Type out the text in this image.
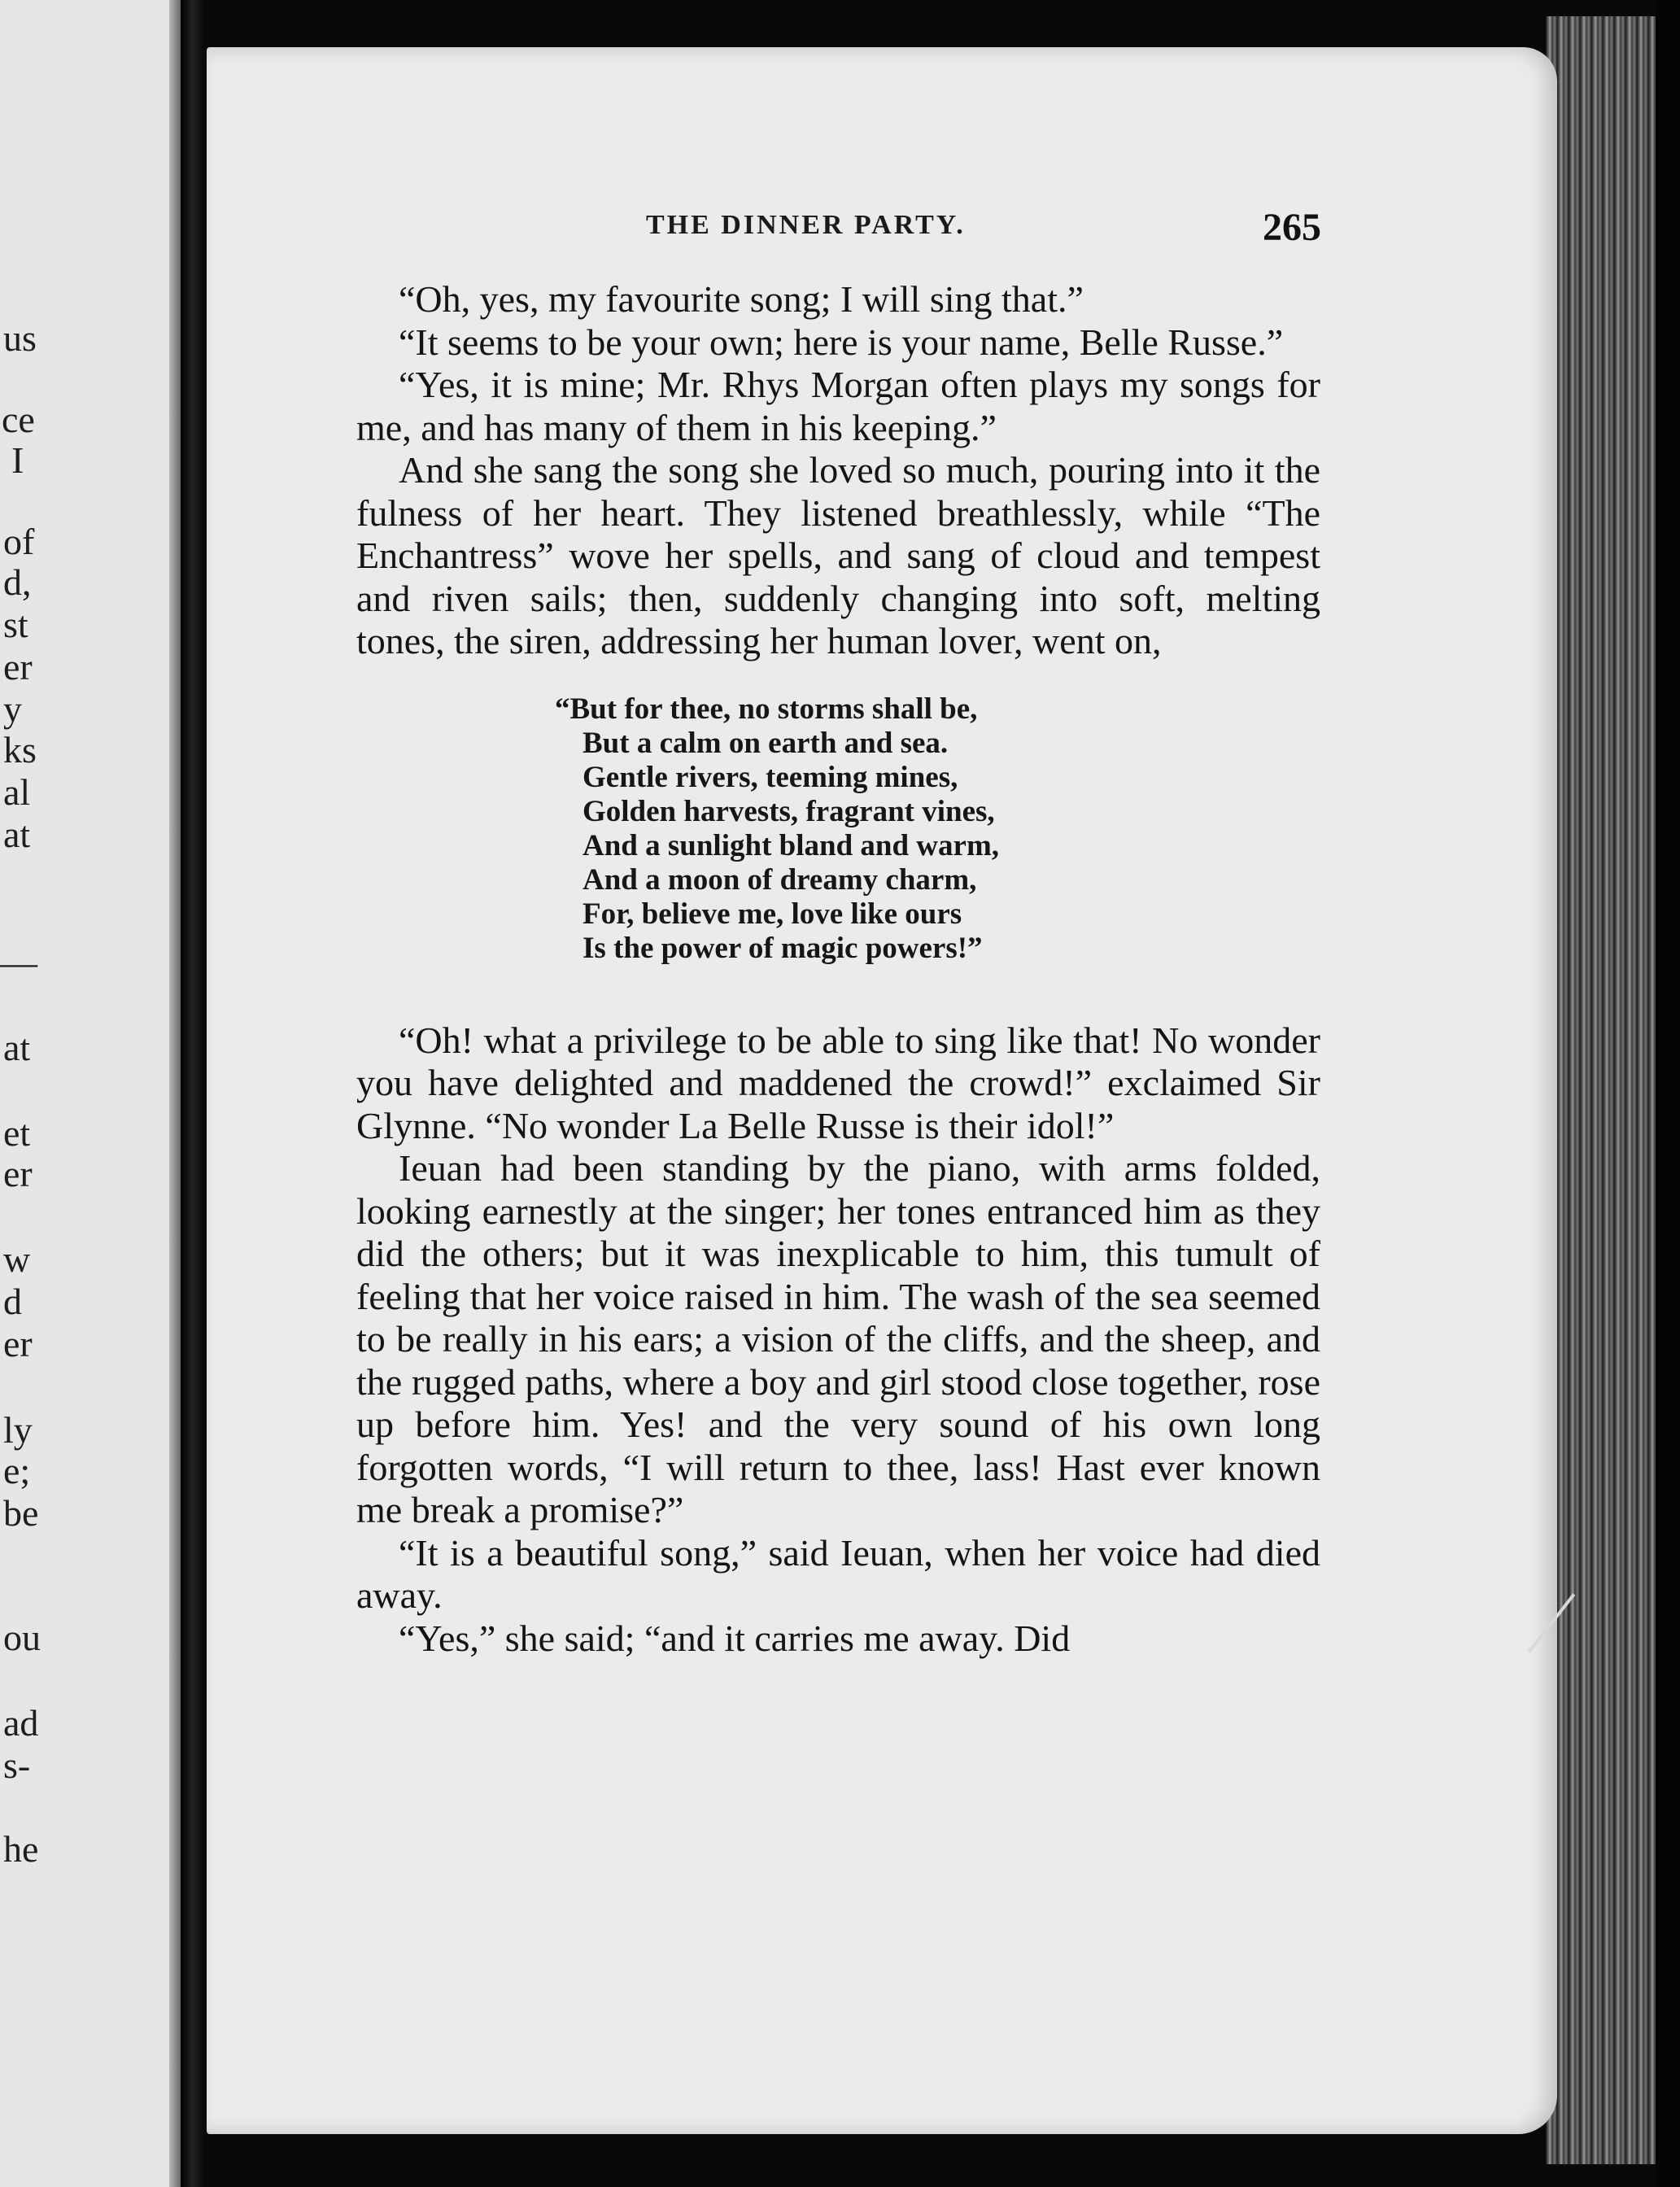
us
ce
I
of
d,
st
er
y
ks
al
at
—
at
et
er
w
d
er
ly
e;
be
ou
ad
s-
he
THE DINNER PARTY.	265

“Oh, yes, my favourite song; I will sing that.”

“It seems to be your own; here is your name, Belle Russe.”

“Yes, it is mine; Mr. Rhys Morgan often plays my songs for me, and has many of them in his keeping.”

And she sang the song she loved so much, pouring into it the fulness of her heart. They listened breathlessly, while “The Enchantress” wove her spells, and sang of cloud and tempest and riven sails; then, suddenly changing into soft, melting tones, the siren, addressing her human lover, went on,

“But for thee, no storms shall be,
But a calm on earth and sea.
Gentle rivers, teeming mines,
Golden harvests, fragrant vines,
And a sunlight bland and warm,
And a moon of dreamy charm,
For, believe me, love like ours
Is the power of magic powers!”

“Oh! what a privilege to be able to sing like that! No wonder you have delighted and maddened the crowd!” exclaimed Sir Glynne. “No wonder La Belle Russe is their idol!”

Ieuan had been standing by the piano, with arms folded, looking earnestly at the singer; her tones entranced him as they did the others; but it was inexplicable to him, this tumult of feeling that her voice raised in him. The wash of the sea seemed to be really in his ears; a vision of the cliffs, and the sheep, and the rugged paths, where a boy and girl stood close together, rose up before him. Yes! and the very sound of his own long forgotten words, “I will return to thee, lass! Hast ever known me break a promise?”

“It is a beautiful song,” said Ieuan, when her voice had died away.

“Yes,” she said; “and it carries me away. Did
